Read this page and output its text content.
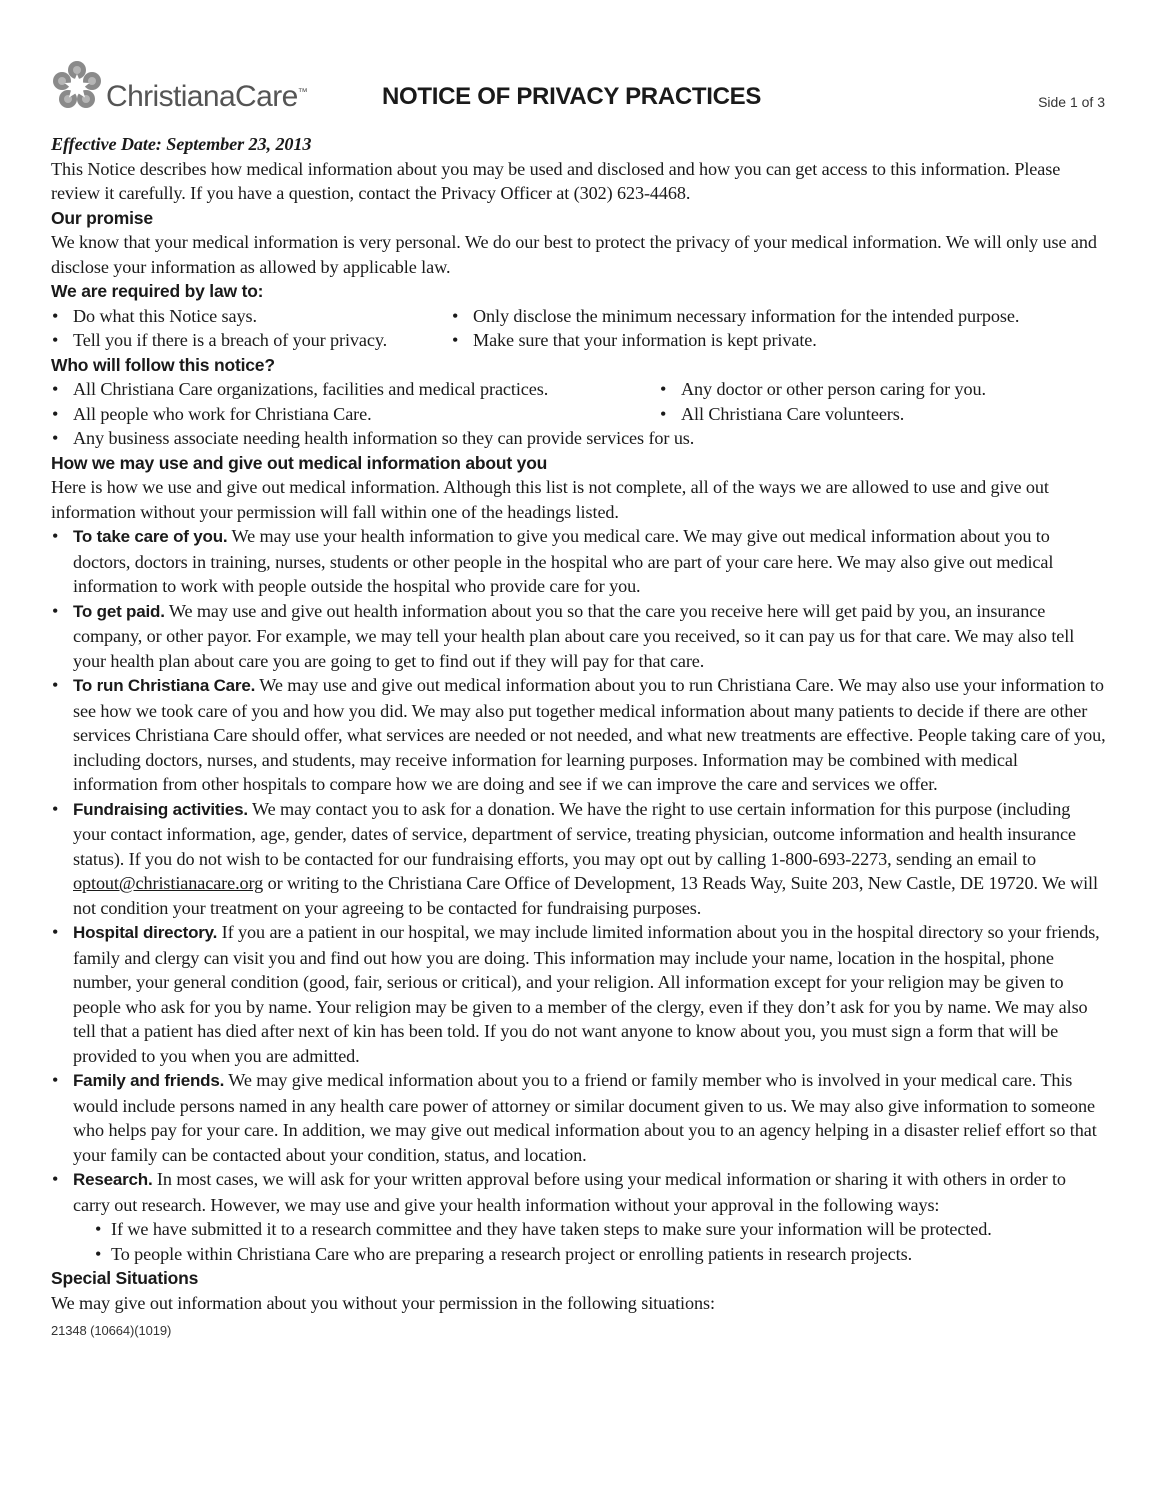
ChristianaCare™	NOTICE OF PRIVACY PRACTICES	Side 1 of 3

Effective Date: September 23, 2013

This Notice describes how medical information about you may be used and disclosed and how you can get access to this information. Please review it carefully. If you have a question, contact the Privacy Officer at (302) 623-4468.

Our promise

We know that your medical information is very personal. We do our best to protect the privacy of your medical information. We will only use and disclose your information as allowed by applicable law.

We are required by law to:
• Do what this Notice says.	• Only disclose the minimum necessary information for the intended purpose.
• Tell you if there is a breach of your privacy.	• Make sure that your information is kept private.
Who will follow this notice?
• All Christiana Care organizations, facilities and medical practices.	• Any doctor or other person caring for you.
• All people who work for Christiana Care.	• All Christiana Care volunteers.
• Any business associate needing health information so they can provide services for us.
How we may use and give out medical information about you

Here is how we use and give out medical information. Although this list is not complete, all of the ways we are allowed to use and give out information without your permission will fall within one of the headings listed.

• To take care of you. We may use your health information to give you medical care. We may give out medical information about you to doctors, doctors in training, nurses, students or other people in the hospital who are part of your care here. We may also give out medical information to work with people outside the hospital who provide care for you.
• To get paid. We may use and give out health information about you so that the care you receive here will get paid by you, an insurance company, or other payor. For example, we may tell your health plan about care you received, so it can pay us for that care. We may also tell your health plan about care you are going to get to find out if they will pay for that care.
• To run Christiana Care. We may use and give out medical information about you to run Christiana Care. We may also use your information to see how we took care of you and how you did. We may also put together medical information about many patients to decide if there are other services Christiana Care should offer, what services are needed or not needed, and what new treatments are effective. People taking care of you, including doctors, nurses, and students, may receive information for learning purposes. Information may be combined with medical information from other hospitals to compare how we are doing and see if we can improve the care and services we offer.
• Fundraising activities. We may contact you to ask for a donation. We have the right to use certain information for this purpose (including your contact information, age, gender, dates of service, department of service, treating physician, outcome information and health insurance status). If you do not wish to be contacted for our fundraising efforts, you may opt out by calling 1-800-693-2273, sending an email to optout@christianacare.org or writing to the Christiana Care Office of Development, 13 Reads Way, Suite 203, New Castle, DE 19720. We will not condition your treatment on your agreeing to be contacted for fundraising purposes.
• Hospital directory. If you are a patient in our hospital, we may include limited information about you in the hospital directory so your friends, family and clergy can visit you and find out how you are doing. This information may include your name, location in the hospital, phone number, your general condition (good, fair, serious or critical), and your religion. All information except for your religion may be given to people who ask for you by name. Your religion may be given to a member of the clergy, even if they don’t ask for you by name. We may also tell that a patient has died after next of kin has been told. If you do not want anyone to know about you, you must sign a form that will be provided to you when you are admitted.
• Family and friends. We may give medical information about you to a friend or family member who is involved in your medical care. This would include persons named in any health care power of attorney or similar document given to us. We may also give information to someone who helps pay for your care. In addition, we may give out medical information about you to an agency helping in a disaster relief effort so that your family can be contacted about your condition, status, and location.
• Research. In most cases, we will ask for your written approval before using your medical information or sharing it with others in order to carry out research. However, we may use and give your health information without your approval in the following ways:
• If we have submitted it to a research committee and they have taken steps to make sure your information will be protected.
• To people within Christiana Care who are preparing a research project or enrolling patients in research projects.
Special Situations

We may give out information about you without your permission in the following situations:

21348 (10664)(1019)
